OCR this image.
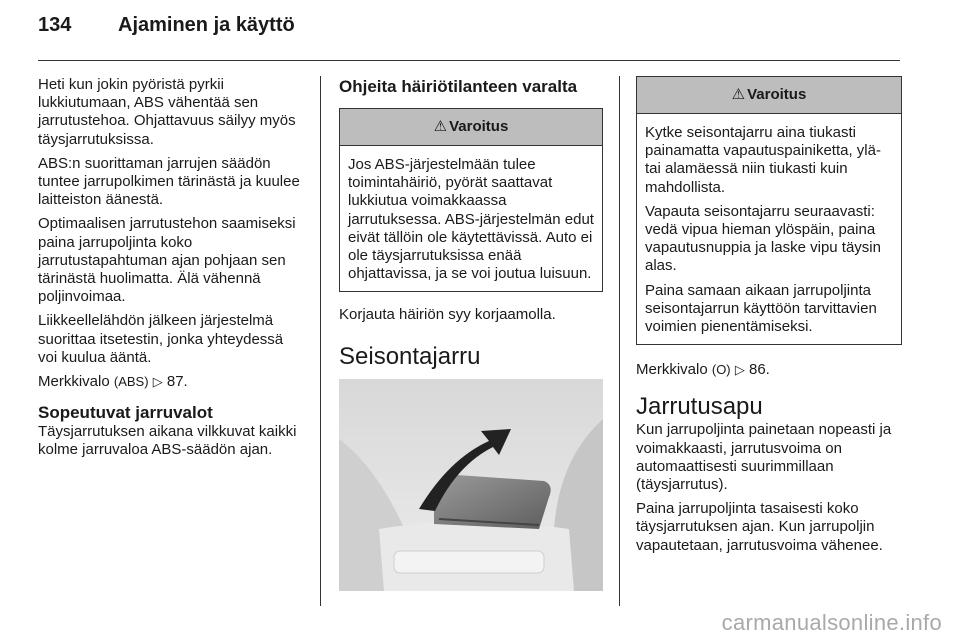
134 Ajaminen ja käyttö

Heti kun jokin pyöristä pyrkii lukkiutumaan, ABS vähentää sen jarrutustehoa. Ohjattavuus säilyy myös täysjarrutuksissa.

ABS:n suorittaman jarrujen säädön tuntee jarrupolkimen tärinästä ja kuulee laitteiston äänestä.

Optimaalisen jarrutustehon saamiseksi paina jarrupoljinta koko jarrutustapahtuman ajan pohjaan sen tärinästä huolimatta. Älä vähennä poljinvoimaa.

Liikkeellelähdön jälkeen järjestelmä suorittaa itsetestin, jonka yhteydessä voi kuulua ääntä.

Merkkivalo (ABS) ▷ 87.

Sopeutuvat jarruvalot

Täysjarrutuksen aikana vilkkuvat kaikki kolme jarruvaloa ABS-säädön ajan.

Ohjeita häiriötilanteen varalta
⚠ Varoitus

Jos ABS-järjestelmään tulee toimintahäiriö, pyörät saattavat lukkiutua voimakkaassa jarrutuksessa. ABS-järjestelmän edut eivät tällöin ole käytettävissä. Auto ei ole täysjarrutuksissa enää ohjattavissa, ja se voi joutua luisuun.

Korjauta häiriön syy korjaamolla.

Seisontajarru
⚠ Varoitus

Kytke seisontajarru aina tiukasti painamatta vapautuspainiketta, ylä- tai alamäessä niin tiukasti kuin mahdollista.

Vapauta seisontajarru seuraavasti: vedä vipua hieman ylöspäin, paina vapautusnuppia ja laske vipu täysin alas.

Paina samaan aikaan jarrupoljinta seisontajarrun käyttöön tarvittavien voimien pienentämiseksi.

Merkkivalo (O) ▷ 86.

Jarrutusapu

Kun jarrupoljinta painetaan nopeasti ja voimakkaasti, jarrutusvoima on automaattisesti suurimmillaan (täysjarrutus).

Paina jarrupoljinta tasaisesti koko täysjarrutuksen ajan. Kun jarrupoljin vapautetaan, jarrutusvoima vähenee.

carmanualsonline.info
